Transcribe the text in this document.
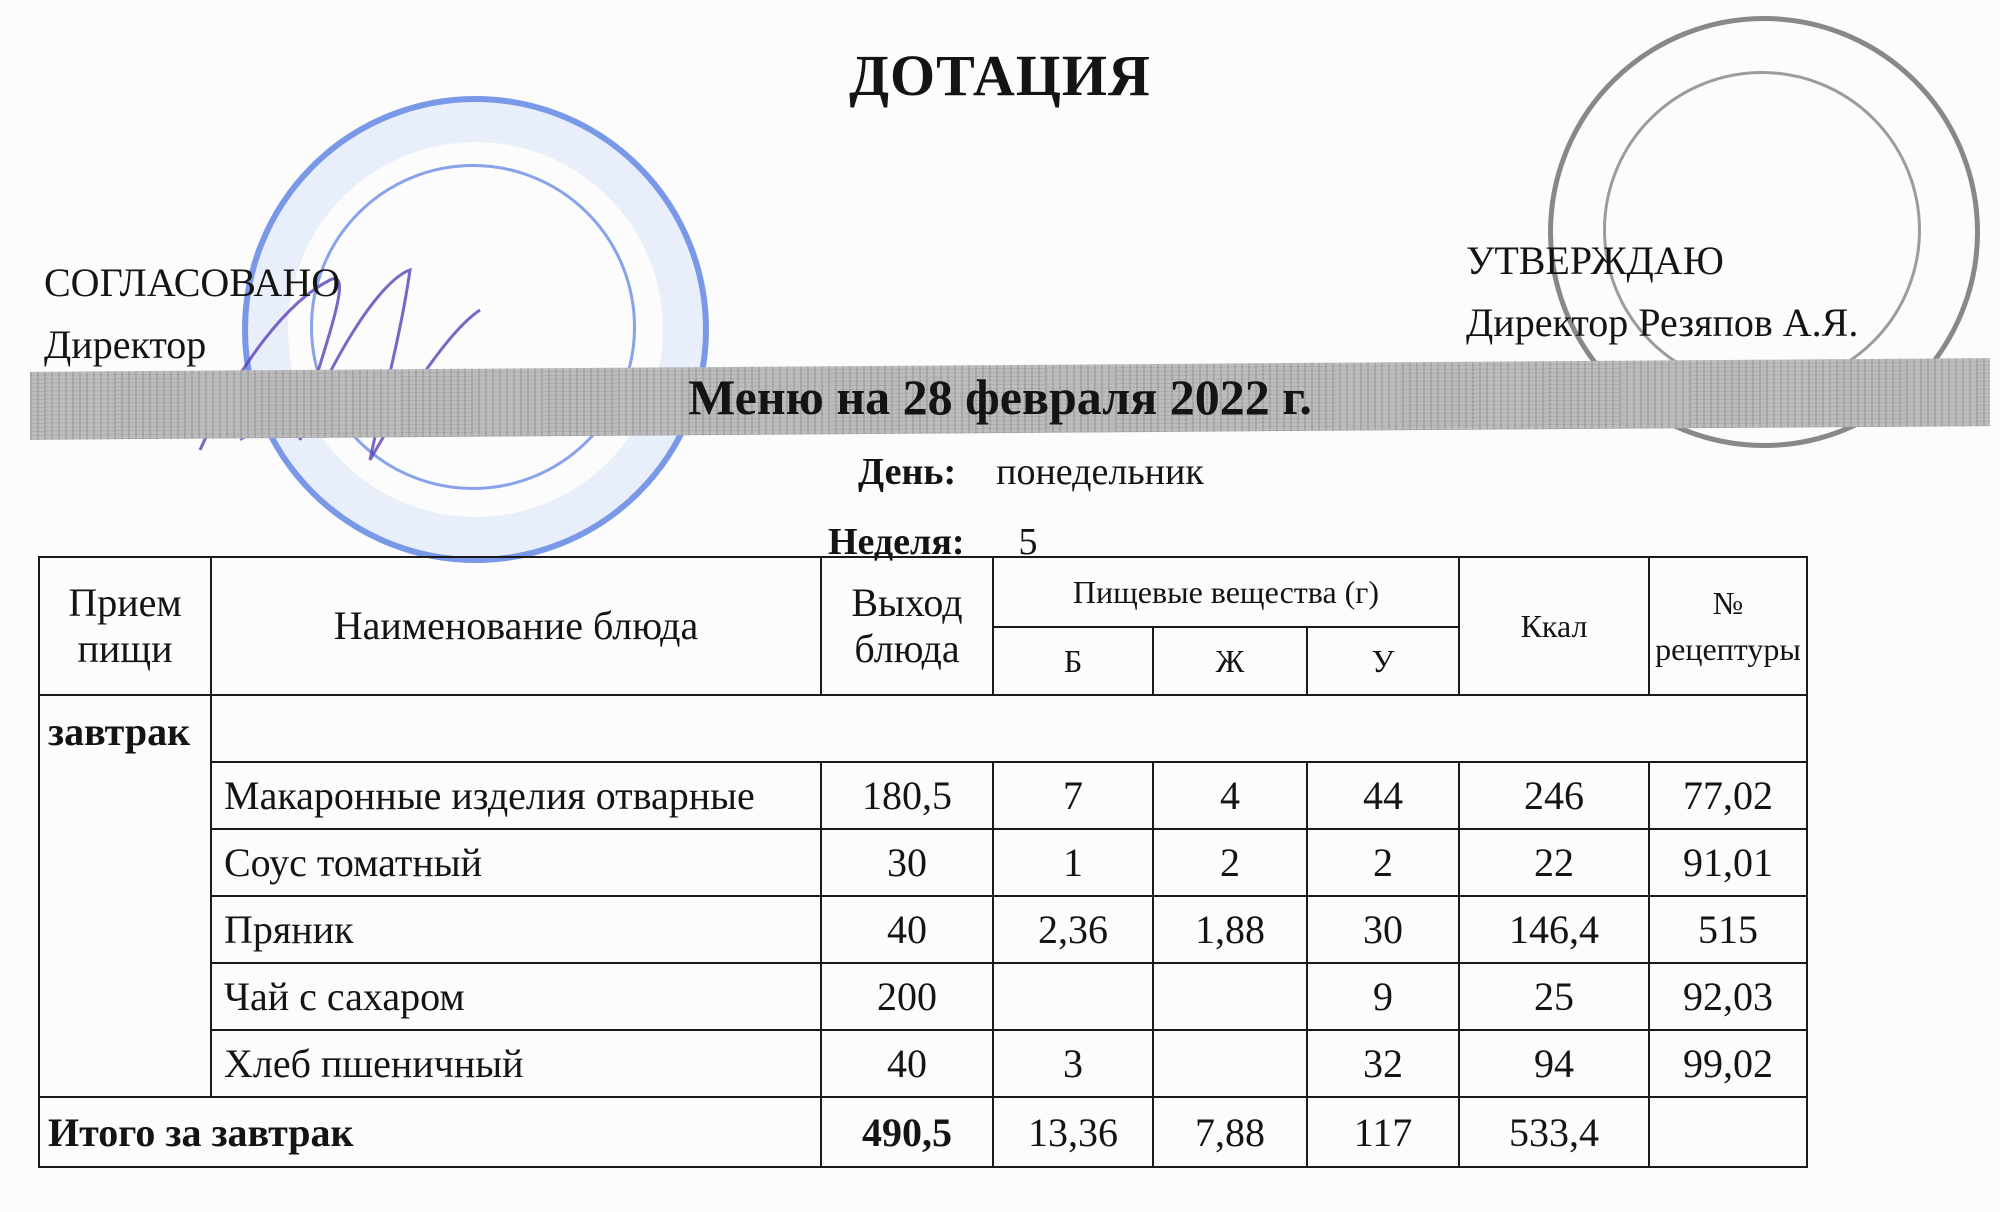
ДОТАЦИЯ
СОГЛАСОВАНО
Директор
УТВЕРЖДАЮ
Директор Резяпов А.Я.
Меню на 28 февраля 2022 г.
День: понедельник
Неделя: 5
Прием пищи	Наименование блюда	Выход блюда	Пищевые вещества (г)			Ккал	№ рецептуры
			Б	Ж	У		
завтрак							
	Макаронные изделия отварные	180,5	7	4	44	246	77,02
	Соус томатный	30	1	2	2	22	91,01
	Пряник	40	2,36	1,88	30	146,4	515
	Чай с сахаром	200			9	25	92,03
	Хлеб пшеничный	40	3		32	94	99,02
Итого за завтрак		490,5	13,36	7,88	117	533,4	
